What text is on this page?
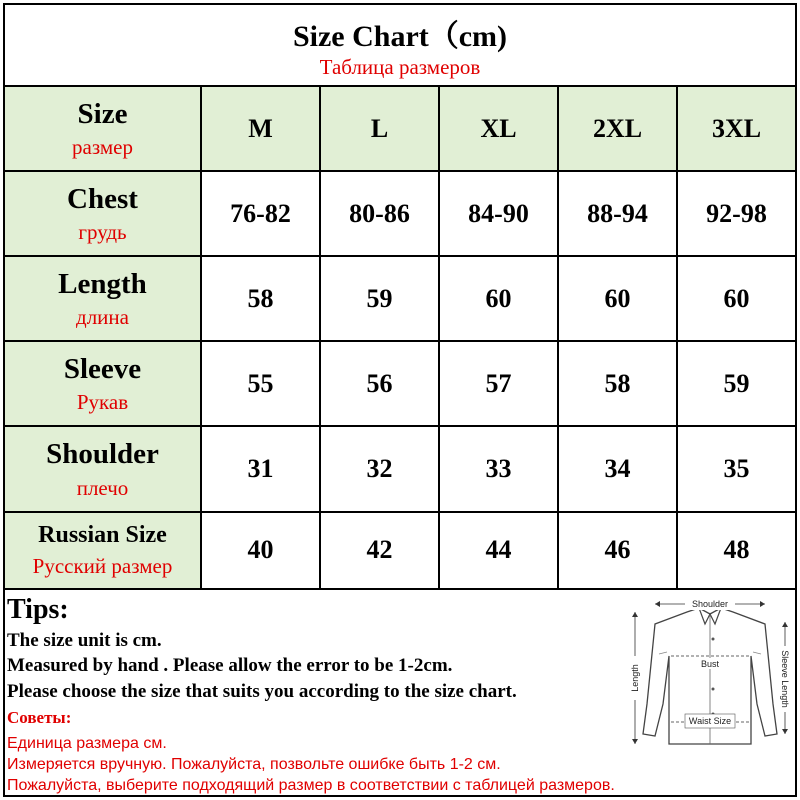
Size Chart（cm)
Таблица размеров
Size
размер	M	L	XL	2XL	3XL

Chest
грудь	76-82	80-86	84-90	88-94	92-98

Length
длина	58	59	60	60	60

Sleeve
Рукав	55	56	57	58	59

Shoulder
плечо	31	32	33	34	35

Russian Size
Русский размер	40	42	44	46	48
Tips:
The size unit is cm.
Measured by hand . Please allow the error to be 1-2cm.
Please choose the size that suits you according to the size chart.
Советы:
Единица размера см.
Измеряется вручную. Пожалуйста, позвольте ошибке быть 1-2 см.
Пожалуйста, выберите подходящий размер в соответствии с таблицей размеров.
Shoulder
Bust
Waist Size
Length	Sleeve Length
